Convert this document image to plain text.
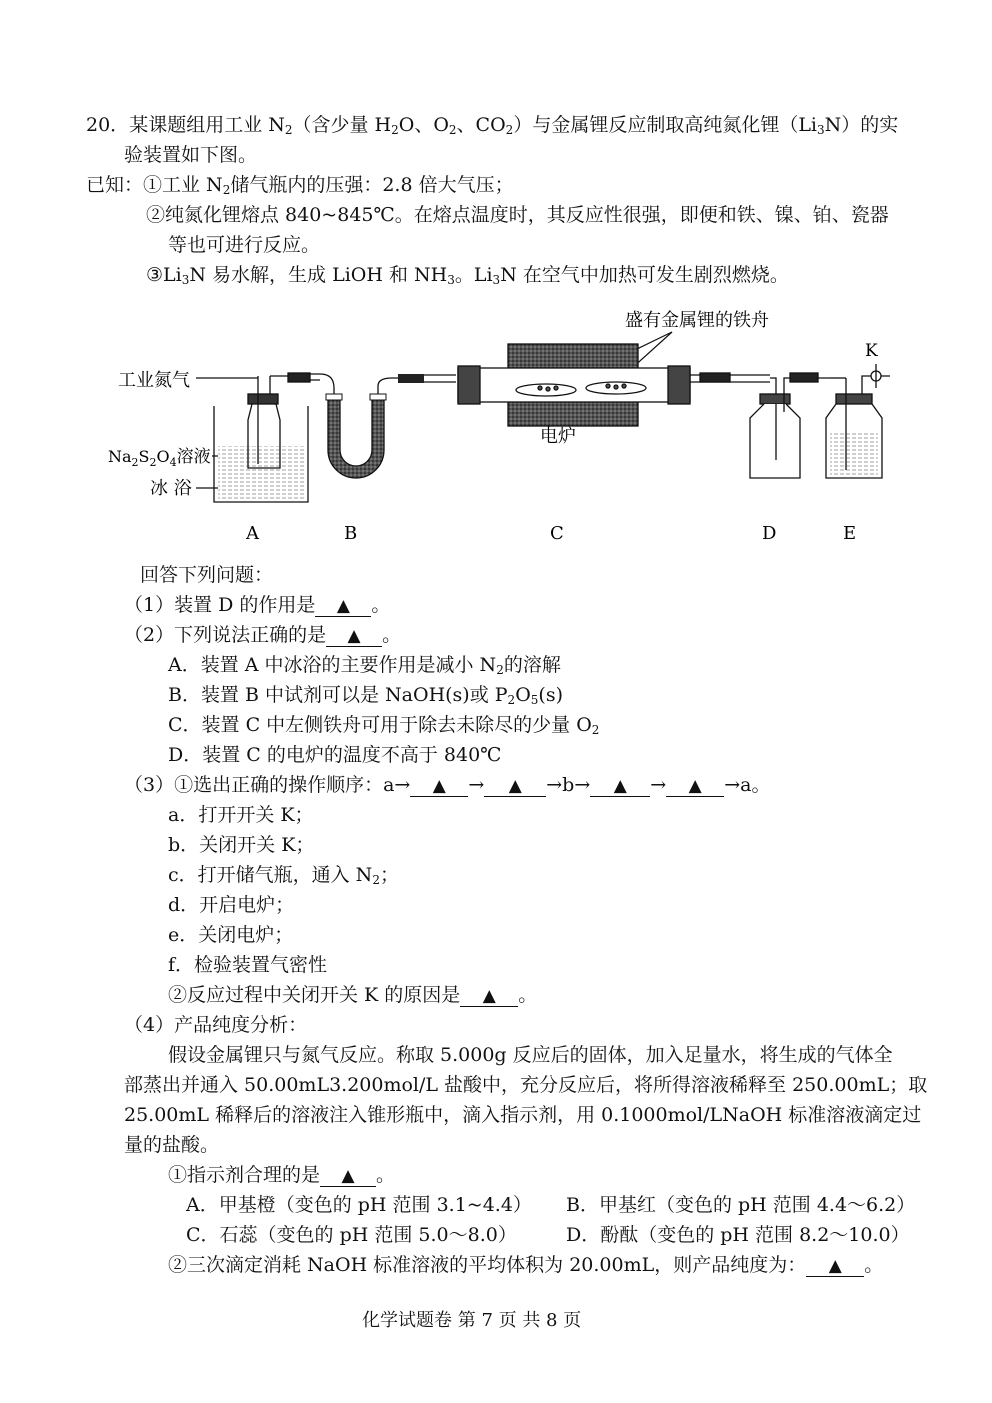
20．某课题组用工业 $N_2$（含少量 $H_2O$、$O_2$、$CO_2$）与金属锂反应制取高纯氮化锂$(Li_3N)$的实
验装置如下图。
已知：①工业 $N_2$储气瓶内的压强：2.8 倍大气压；
②纯氮化锂熔点 840~845℃。在熔点温度时，其反应性很强，即便和铁、镍、铂、瓷器
等也可进行反应。
$③Li_3N$ 易水解，生成 LiOH 和 $NH_3$。$Li_3N$ 在空气中加热可发生剧烈燃烧。
盛有金属锂的铁舟
K
工业氮气
$Na_2S_2O_4$溶液
冰 浴
电炉
A	B	C	D	E
回答下列问题：
（1）装置 D 的作用是 ▲ 。
（2）下列说法正确的是 ▲ 。
A．装置 A 中冰浴的主要作用是减小 $N_2$的溶解
B．装置 B 中试剂可以是 NaOH(s)或 $P_2O_5(s)$
C．装置 C 中左侧铁舟可用于除去未除尽的少量 $O_2$
D．装置 C 的电炉的温度不高于 840℃
（3）①选出正确的操作顺序：a→ ▲ → ▲ →b→ ▲ → ▲ →a。
a．打开开关 K；
b．关闭开关 K；
c．打开储气瓶，通入 $N_2$；
d．开启电炉；
e．关闭电炉；
f．检验装置气密性
②反应过程中关闭开关 K 的原因是 ▲ 。
（4）产品纯度分析：
假设金属锂只与氮气反应。称取 5.000g 反应后的固体，加入足量水，将生成的气体全
部蒸出并通入 50.00mL3.200mol/L 盐酸中，充分反应后，将所得溶液稀释至 250.00mL；取
25.00mL 稀释后的溶液注入锥形瓶中，滴入指示剂，用 0.1000mol/LNaOH 标准溶液滴定过
量的盐酸。
①指示剂合理的是 ▲ 。
A．甲基橙（变色的 pH 范围 3.1~4.4） B．甲基红（变色的 pH 范围 4.4～6.2）
C．石蕊（变色的 pH 范围 5.0～8.0）	D．酚酞（变色的 pH 范围 8.2～10.0）
②三次滴定消耗 NaOH 标准溶液的平均体积为 20.00mL，则产品纯度为： ▲ 。
化学试题卷 第 7 页 共 8 页
